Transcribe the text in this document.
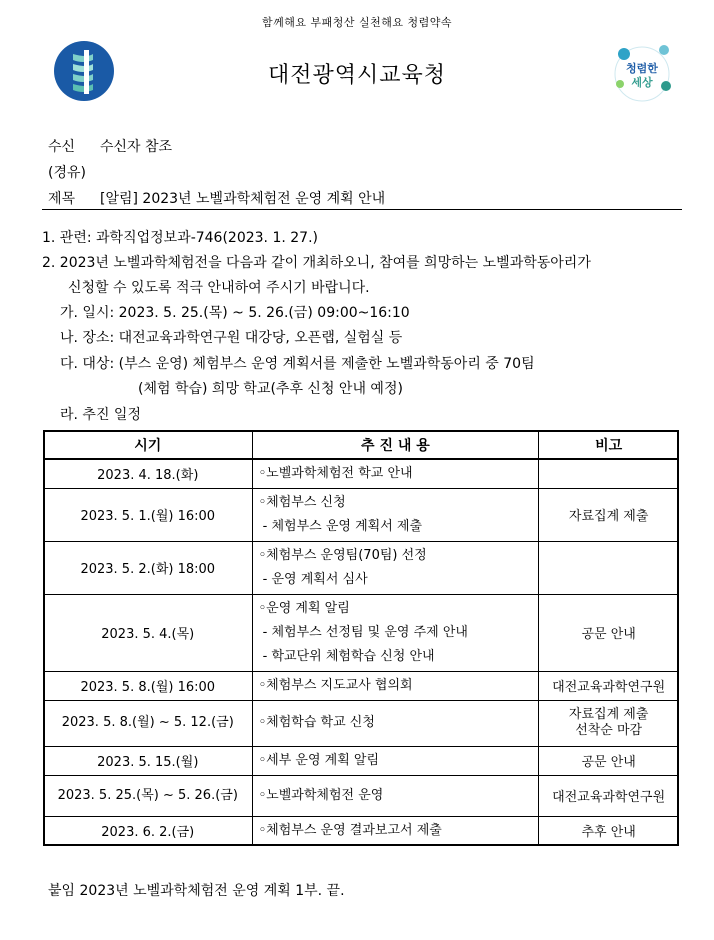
함께해요 부패청산 실천해요 청렴약속
대전광역시교육청	청렴한
세상
수신 수신자 참조
(경유)
제목 [알림] 2023년 노벨과학체험전 운영 계획 안내
1. 관련: 과학직업정보과-746(2023. 1. 27.)
2. 2023년 노벨과학체험전을 다음과 같이 개최하오니, 참여를 희망하는 노벨과학동아리가
신청할 수 있도록 적극 안내하여 주시기 바랍니다.
가. 일시: 2023. 5. 25.(목) ~ 5. 26.(금) 09:00~16:10
나. 장소: 대전교육과학연구원 대강당, 오픈랩, 실험실 등
다. 대상: (부스 운영) 체험부스 운영 계획서를 제출한 노벨과학동아리 중 70팀
(체험 학습) 희망 학교(추후 신청 안내 예정)
라. 추진 일정
시기	추 진 내 용	비고
2023. 4. 18.(화)	◦노벨과학체험전 학교 안내	

2023. 5. 1.(월) 16:00	◦체험부스 신청
- 체험부스 운영 계획서 제출	자료집계 제출
2023. 5. 2.(화) 18:00	◦체험부스 운영팀(70팀) 선정
- 운영 계획서 심사	

2023. 5. 4.(목)	◦운영 계획 알림
- 체험부스 선정팀 및 운영 주제 안내
- 학교단위 체험학습 신청 안내	공문 안내
2023. 5. 8.(월) 16:00	◦체험부스 지도교사 협의회	대전교육과학연구원
2023. 5. 8.(월) ~ 5. 12.(금)	◦체험학습 학교 신청	자료집계 제출
선착순 마감
2023. 5. 15.(월)	◦세부 운영 계획 알림	공문 안내
2023. 5. 25.(목) ~ 5. 26.(금)	◦노벨과학체험전 운영	대전교육과학연구원
2023. 6. 2.(금)	◦체험부스 운영 결과보고서 제출	추후 안내
붙임 2023년 노벨과학체험전 운영 계획 1부. 끝.
